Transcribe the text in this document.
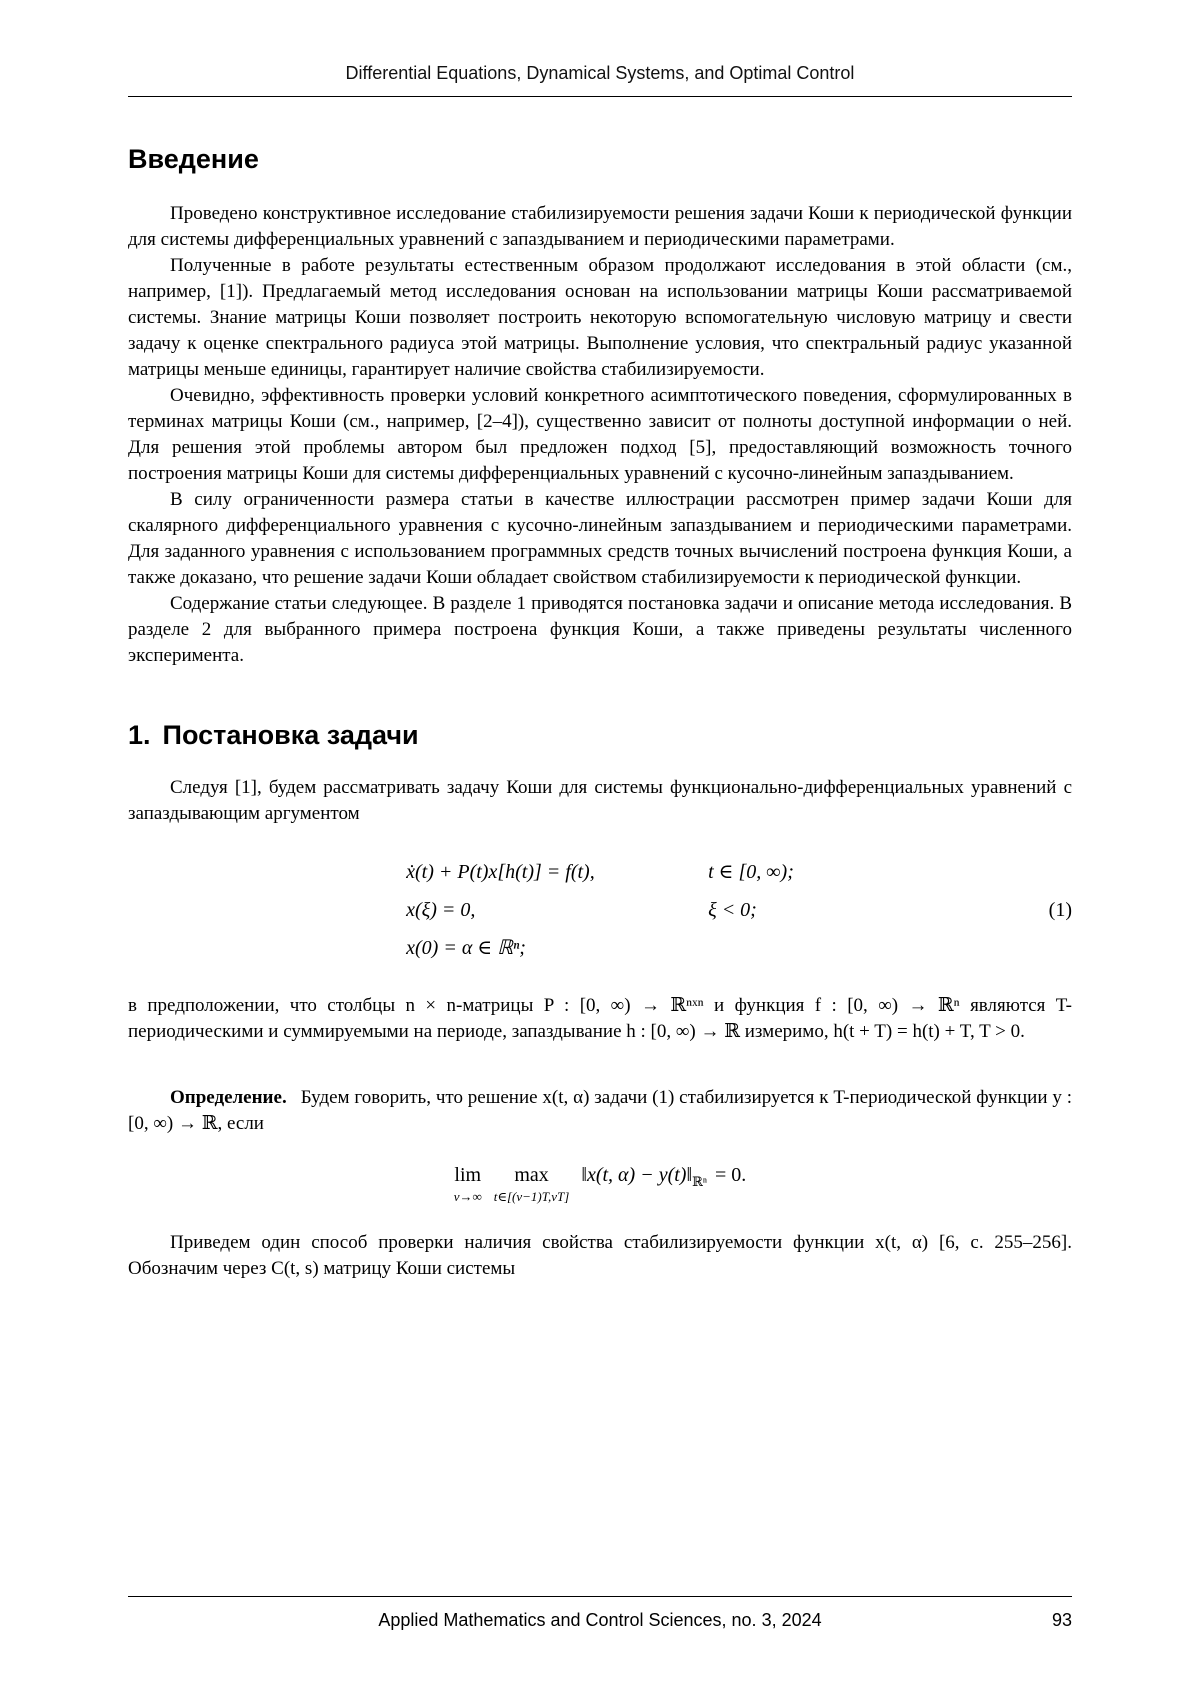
Differential Equations, Dynamical Systems, and Optimal Control
Введение

Проведено конструктивное исследование стабилизируемости решения задачи Коши к периодической функции для системы дифференциальных уравнений с запаздыванием и периодическими параметрами.

Полученные в работе результаты естественным образом продолжают исследования в этой области (см., например, [1]). Предлагаемый метод исследования основан на использовании матрицы Коши рассматриваемой системы. Знание матрицы Коши позволяет построить некоторую вспомогательную числовую матрицу и свести задачу к оценке спектрального радиуса этой матрицы. Выполнение условия, что спектральный радиус указанной матрицы меньше единицы, гарантирует наличие свойства стабилизируемости.

Очевидно, эффективность проверки условий конкретного асимптотического поведения, сформулированных в терминах матрицы Коши (см., например, [2–4]), существенно зависит от полноты доступной информации о ней. Для решения этой проблемы автором был предложен подход [5], предоставляющий возможность точного построения матрицы Коши для системы дифференциальных уравнений с кусочно-линейным запаздыванием.

В силу ограниченности размера статьи в качестве иллюстрации рассмотрен пример задачи Коши для скалярного дифференциального уравнения с кусочно-линейным запаздыванием и периодическими параметрами. Для заданного уравнения с использованием программных средств точных вычислений построена функция Коши, а также доказано, что решение задачи Коши обладает свойством стабилизируемости к периодической функции.

Содержание статьи следующее. В разделе 1 приводятся постановка задачи и описание метода исследования. В разделе 2 для выбранного примера построена функция Коши, а также приведены результаты численного эксперимента.

1. Постановка задачи

Следуя [1], будем рассматривать задачу Коши для системы функционально-дифференциальных уравнений с запаздывающим аргументом

ẋ(t) + P(t)x[h(t)] = f(t),	t ∈ [0, ∞);
x(ξ) = 0,	ξ < 0;
x(0) = α ∈ ℝⁿ;
(1)

в предположении, что столбцы n × n-матрицы P : [0, ∞) → ℝⁿˣⁿ и функция f : [0, ∞) → ℝⁿ являются T-периодическими и суммируемыми на периоде, запаздывание h : [0, ∞) → ℝ измеримо, h(t + T) = h(t) + T, T > 0.

Определение. Будем говорить, что решение x(t, α) задачи (1) стабилизируется к T-периодической функции y : [0, ∞) → ℝ, если

lim
ν→∞
max
t∈[(ν−1)T,νT]
‖x(t, $\alpha) - y(t)‖_{ℝ^n} = 0$.

Приведем один способ проверки наличия свойства стабилизируемости функции x(t, α) [6, с. 255–256]. Обозначим через C(t, s) матрицу Коши системы

Applied Mathematics and Control Sciences, no. 3, 2024	93
